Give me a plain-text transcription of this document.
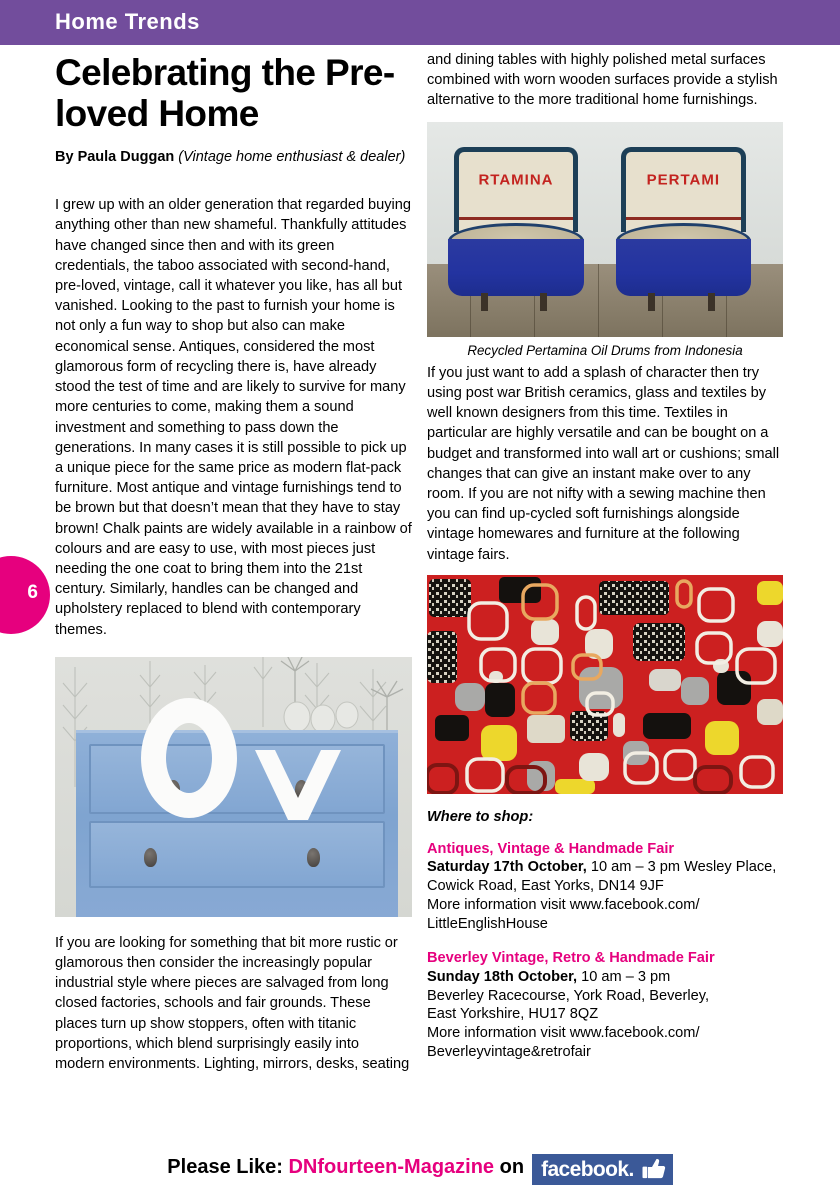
Home Trends
6
Celebrating the Pre-loved Home
By Paula Duggan (Vintage home enthusiast & dealer)

I grew up with an older generation that regarded buying anything other than new shameful. Thankfully attitudes have changed since then and with its green credentials, the taboo associated with second-hand, pre-loved, vintage, call it whatever you like, has all but vanished. Looking to the past to furnish your home is not only a fun way to shop but also can make economical sense. Antiques, considered the most glamorous form of recycling there is, have already stood the test of time and are likely to survive for many more centuries to come, making them a sound investment and something to pass down the generations. In many cases it is still possible to pick up a unique piece for the same price as modern flat-pack furniture. Most antique and vintage furnishings tend to be brown but that doesn’t mean that they have to stay brown! Chalk paints are widely available in a rainbow of colours and are easy to use, with most pieces just needing the one coat to bring them into the 21st century. Similarly, handles can be changed and upholstery replaced to blend with contemporary themes.

If you are looking for something that bit more rustic or glamorous then consider the increasingly popular industrial style where pieces are salvaged from long closed factories, schools and fair grounds. These places turn up show stoppers, often with titanic proportions, which blend surprisingly easily into modern environments. Lighting, mirrors, desks, seating

and dining tables with highly polished metal surfaces combined with worn wooden surfaces provide a stylish alternative to the more traditional home furnishings.

RTAMINA	PERTAMI
Recycled Pertamina Oil Drums from Indonesia

If you just want to add a splash of character then try using post war British ceramics, glass and textiles by well known designers from this time. Textiles in particular are highly versatile and can be bought on a budget and transformed into wall art or cushions; small changes that can give an instant make over to any room. If you are not nifty with a sewing machine then you can find up-cycled soft furnishings alongside vintage homewares and furniture at the following vintage fairs.

Where to shop:
Antiques, Vintage & Handmade Fair
Saturday 17th October, 10 am – 3 pm Wesley Place,
Cowick Road, East Yorks, DN14 9JF
More information visit www.facebook.com/
LittleEnglishHouse
Beverley Vintage, Retro & Handmade Fair
Sunday 18th October, 10 am – 3 pm
Beverley Racecourse, York Road, Beverley,
East Yorkshire, HU17 8QZ
More information visit www.facebook.com/
Beverleyvintage&retrofair
Please Like: DNfourteen-Magazine on facebook.
